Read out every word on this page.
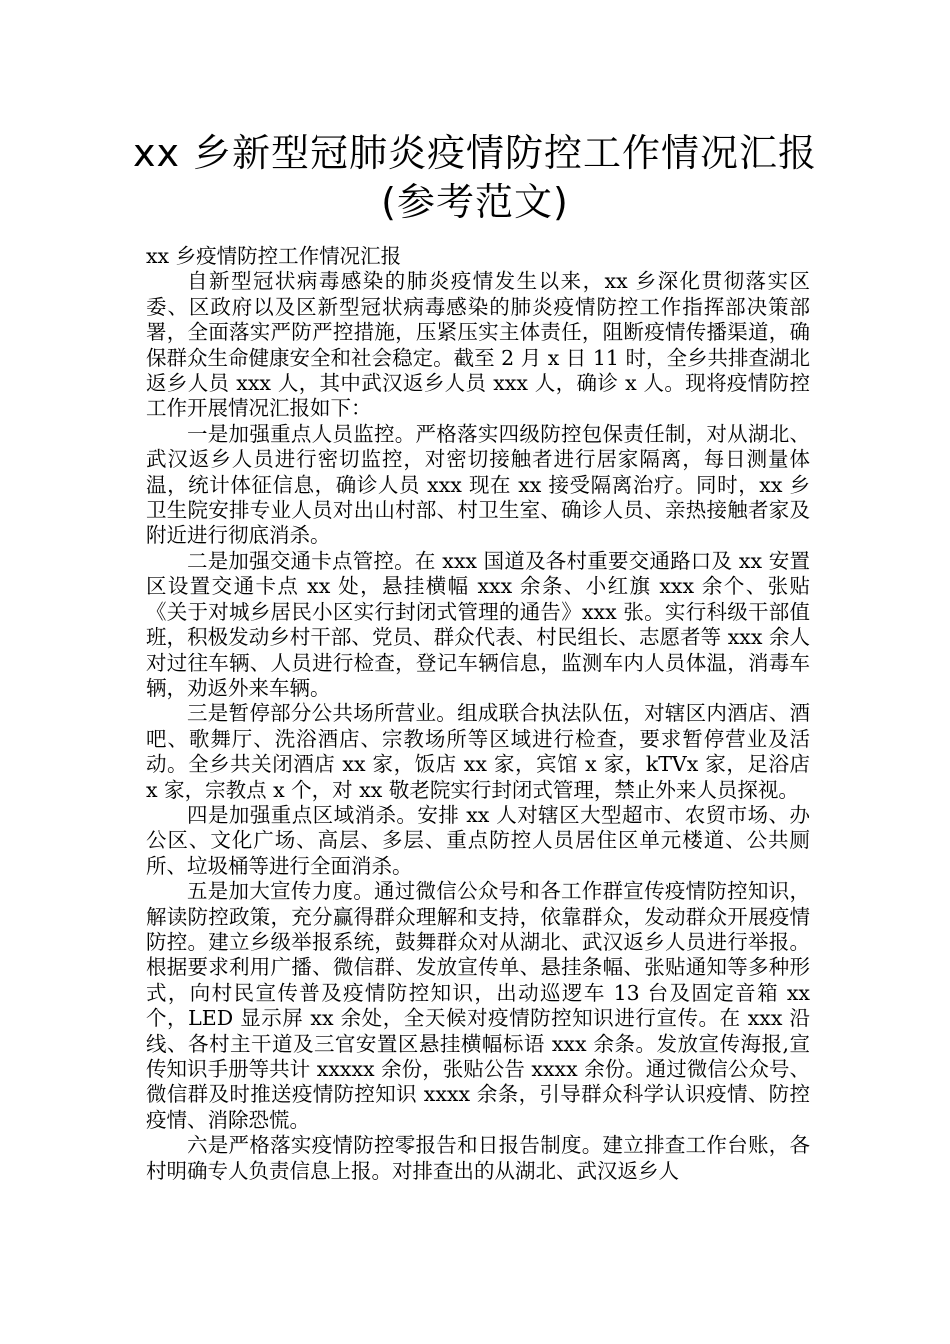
xx 乡新型冠肺炎疫情防控工作情况汇报
(参考范文)

xx 乡疫情防控工作情况汇报

自新型冠状病毒感染的肺炎疫情发生以来，xx 乡深化贯彻落实区委、区政府以及区新型冠状病毒感染的肺炎疫情防控工作指挥部决策部署，全面落实严防严控措施，压紧压实主体责任，阻断疫情传播渠道，确保群众生命健康安全和社会稳定。截至 2 月 x 日 11 时，全乡共排查湖北返乡人员 xxx 人，其中武汉返乡人员 xxx 人，确诊 x 人。现将疫情防控工作开展情况汇报如下：

一是加强重点人员监控。严格落实四级防控包保责任制，对从湖北、武汉返乡人员进行密切监控，对密切接触者进行居家隔离，每日测量体温，统计体征信息，确诊人员 xxx 现在 xx 接受隔离治疗。同时，xx 乡卫生院安排专业人员对出山村部、村卫生室、确诊人员、亲热接触者家及附近进行彻底消杀。

二是加强交通卡点管控。在 xxx 国道及各村重要交通路口及 xx 安置区设置交通卡点 xx 处，悬挂横幅 xxx 余条、小红旗 xxx 余个、张贴《关于对城乡居民小区实行封闭式管理的通告》xxx 张。实行科级干部值班，积极发动乡村干部、党员、群众代表、村民组长、志愿者等 xxx 余人对过往车辆、人员进行检查，登记车辆信息，监测车内人员体温，消毒车辆，劝返外来车辆。

三是暂停部分公共场所营业。组成联合执法队伍，对辖区内酒店、酒吧、歌舞厅、洗浴酒店、宗教场所等区域进行检查，要求暂停营业及活动。全乡共关闭酒店 xx 家，饭店 xx 家，宾馆 x 家，kTVx 家，足浴店 x 家，宗教点 x 个，对 xx 敬老院实行封闭式管理，禁止外来人员探视。

四是加强重点区域消杀。安排 xx 人对辖区大型超市、农贸市场、办公区、文化广场、高层、多层、重点防控人员居住区单元楼道、公共厕所、垃圾桶等进行全面消杀。

五是加大宣传力度。通过微信公众号和各工作群宣传疫情防控知识，解读防控政策，充分赢得群众理解和支持，依靠群众，发动群众开展疫情防控。建立乡级举报系统，鼓舞群众对从湖北、武汉返乡人员进行举报。根据要求利用广播、微信群、发放宣传单、悬挂条幅、张贴通知等多种形式，向村民宣传普及疫情防控知识，出动巡逻车 13 台及固定音箱 xx 个，LED 显示屏 xx 余处，全天候对疫情防控知识进行宣传。在 xxx 沿线、各村主干道及三官安置区悬挂横幅标语 xxx 余条。发放宣传海报,宣传知识手册等共计 xxxxx 余份，张贴公告 xxxx 余份。通过微信公众号、微信群及时推送疫情防控知识 xxxx 余条，引导群众科学认识疫情、防控疫情、消除恐慌。

六是严格落实疫情防控零报告和日报告制度。建立排查工作台账，各村明确专人负责信息上报。对排查出的从湖北、武汉返乡人
